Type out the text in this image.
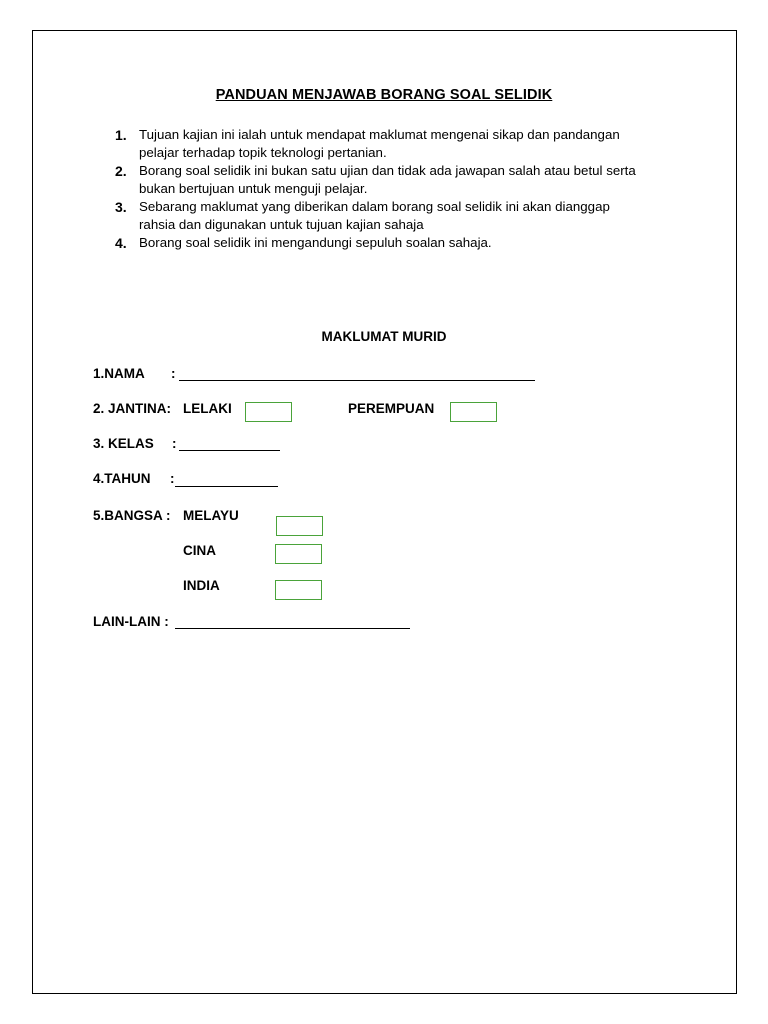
PANDUAN MENJAWAB BORANG SOAL SELIDIK
1. Tujuan kajian ini ialah untuk mendapat maklumat mengenai sikap dan pandangan
pelajar terhadap topik teknologi pertanian.
2. Borang soal selidik ini bukan satu ujian dan tidak ada jawapan salah atau betul serta
bukan bertujuan untuk menguji pelajar.
3. Sebarang maklumat yang diberikan dalam borang soal selidik ini akan dianggap
rahsia dan digunakan untuk tujuan kajian sahaja
4. Borang soal selidik ini mengandungi sepuluh soalan sahaja.
MAKLUMAT MURID
1.NAMA :
2. JANTINA: LELAKI	PEREMPUAN
3. KELAS :
4.TAHUN :
5.BANGSA : MELAYU
CINA
INDIA
LAIN-LAIN :
